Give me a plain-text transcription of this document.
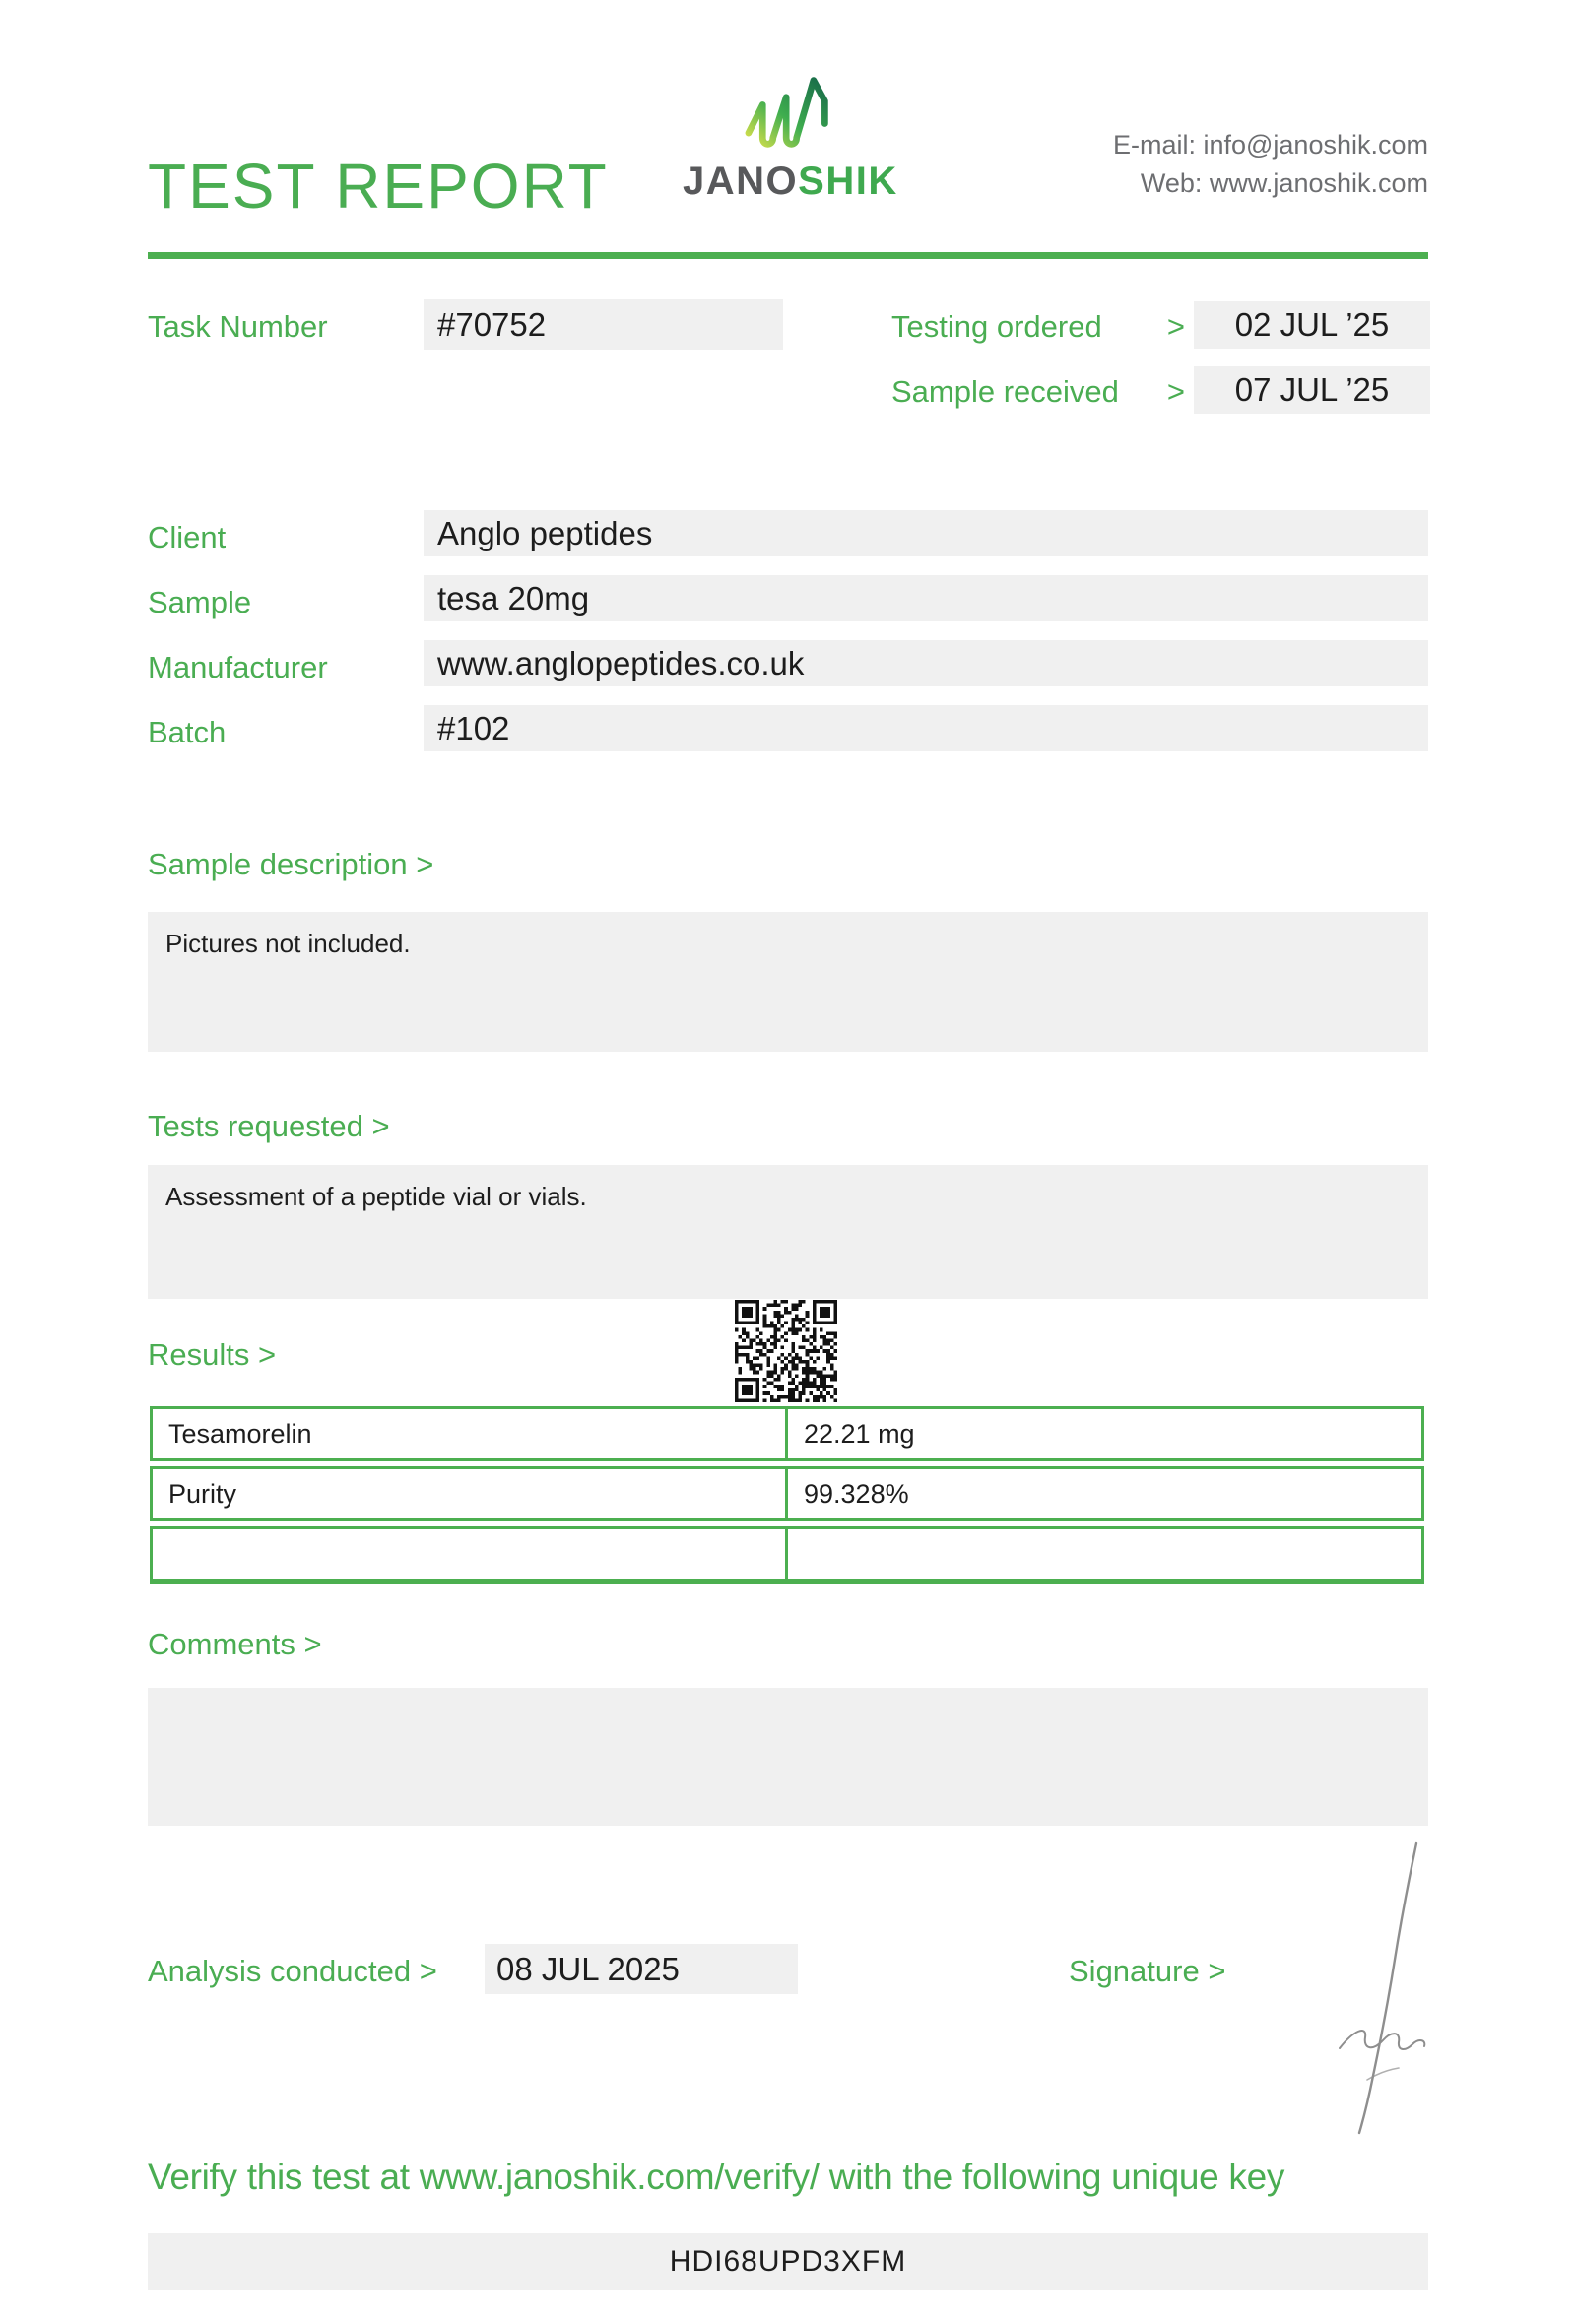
TEST REPORT JANOSHIK
E-mail: info@janoshik.com
Web: www.janoshik.com
Task Number	#70752	Testing ordered >	02 JUL ’25
Sample received >	07 JUL ’25
Client	Anglo peptides
Sample	tesa 20mg
Manufacturer	www.anglopeptides.co.uk
Batch	#102
Sample description >
Pictures not included.
Tests requested >
Assessment of a peptide vial or vials.
Results >
Tesamorelin	22.21 mg
Purity	99.328%
Comments >
Analysis conducted >	08 JUL 2025	Signature >
Verify this test at www.janoshik.com/verify/ with the following unique key
HDI68UPD3XFM
